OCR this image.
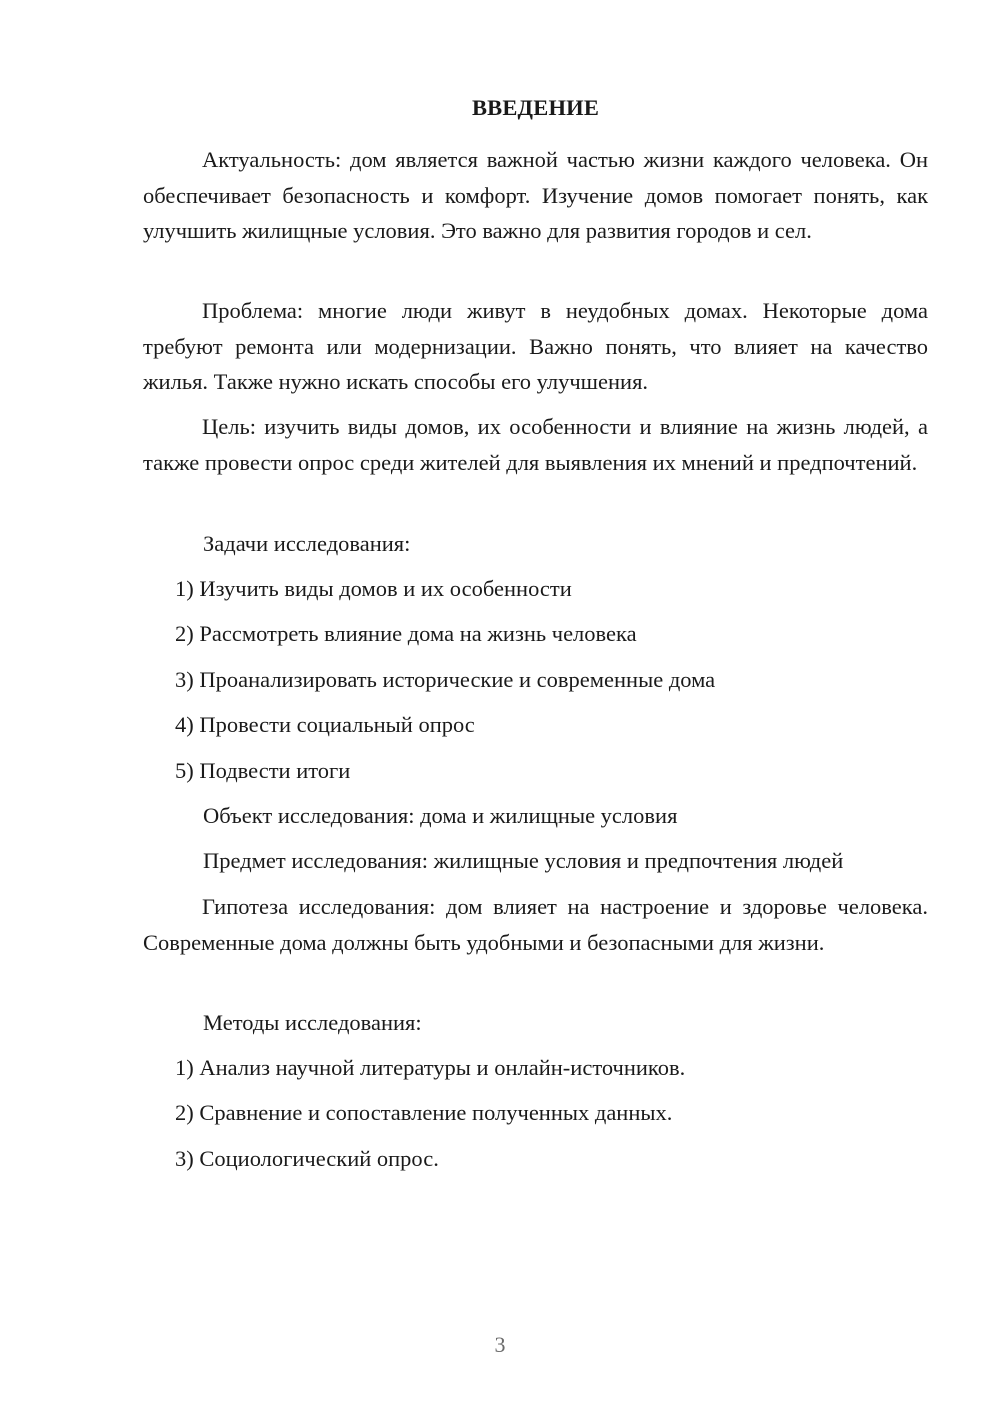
ВВЕДЕНИЕ

Актуальность: дом является важной частью жизни каждого человека. Он обеспечивает безопасность и комфорт. Изучение домов помогает понять, как улучшить жилищные условия. Это важно для развития городов и сел.

Проблема: многие люди живут в неудобных домах. Некоторые дома требуют ремонта или модернизации. Важно понять, что влияет на качество жилья. Также нужно искать способы его улучшения.

Цель: изучить виды домов, их особенности и влияние на жизнь людей, а также провести опрос среди жителей для выявления их мнений и предпочтений.

Задачи исследования:
1) Изучить виды домов и их особенности
2) Рассмотреть влияние дома на жизнь человека
3) Проанализировать исторические и современные дома
4) Провести социальный опрос
5) Подвести итоги
Объект исследования: дома и жилищные условия
Предмет исследования: жилищные условия и предпочтения людей

Гипотеза исследования: дом влияет на настроение и здоровье человека. Современные дома должны быть удобными и безопасными для жизни.

Методы исследования:
1) Анализ научной литературы и онлайн-источников.
2) Сравнение и сопоставление полученных данных.
3) Социологический опрос.
3
